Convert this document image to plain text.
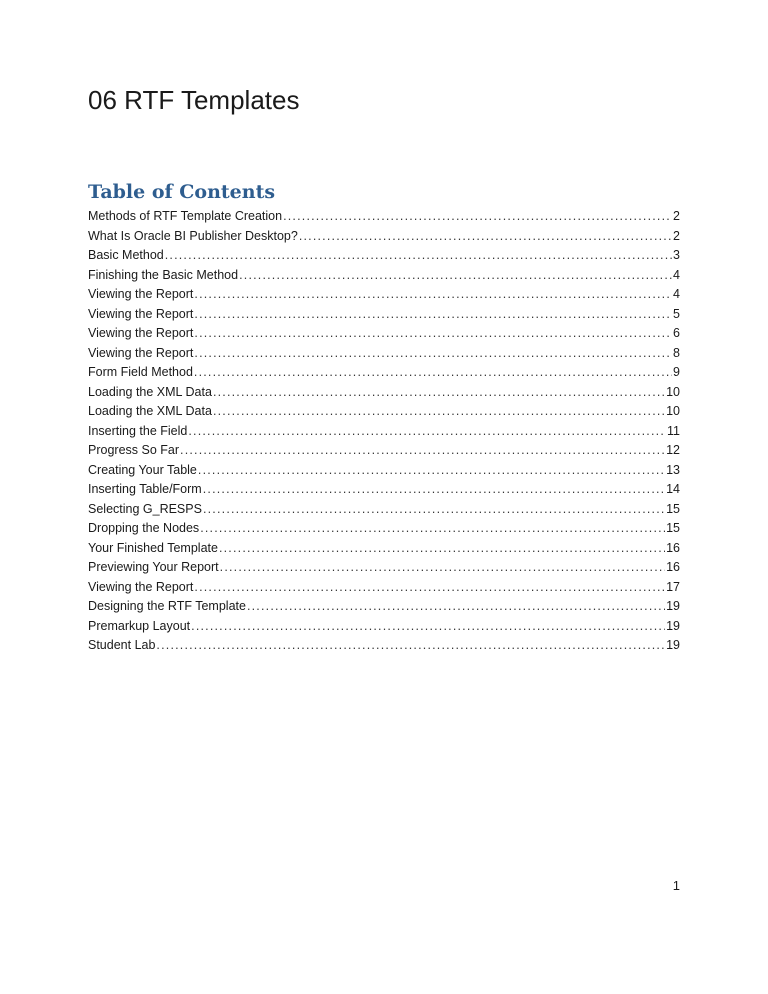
06 RTF Templates
Table of Contents
Methods of RTF Template Creation .....	2
What Is Oracle BI Publisher Desktop? .....	2
Basic Method .....	3
Finishing the Basic Method .....	4
Viewing the Report .....	4
Viewing the Report .....	5
Viewing the Report .....	6
Viewing the Report .....	8
Form Field Method .....	9
Loading the XML Data .....	10
Loading the XML Data .....	10
Inserting the Field .....	11
Progress So Far .....	12
Creating Your Table .....	13
Inserting Table/Form .....	14
Selecting G_RESPS .....	15
Dropping the Nodes .....	15
Your Finished Template .....	16
Previewing Your Report .....	16
Viewing the Report .....	17
Designing the RTF Template .....	19
Premarkup Layout .....	19
Student Lab .....	19
1
